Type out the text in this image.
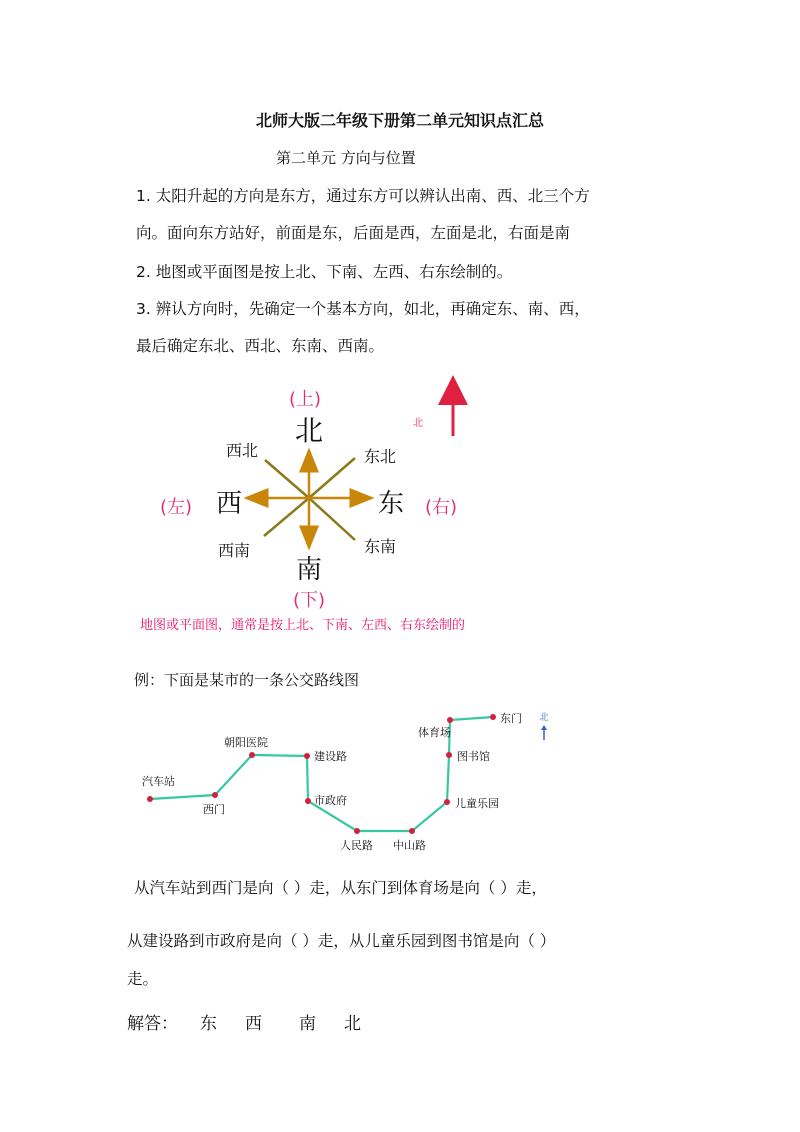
北师大版二年级下册第二单元知识点汇总
第二单元 方向与位置
1. 太阳升起的方向是东方，通过东方可以辨认出南、西、北三个方
向。面向东方站好，前面是东，后面是西，左面是北，右面是南
2. 地图或平面图是按上北、下南、左西、右东绘制的。
3. 辨认方向时，先确定一个基本方向，如北，再确定东、南、西，
最后确定东北、西北、东南、西南。
(上)
北
西北	东北
(左) 西	东 (右)
西南	东南
南
(下)
北
地图或平面图，通常是按上北、下南、左西、右东绘制的
例：下面是某市的一条公交路线图
汽车站
西门
朝阳医院
建设路
市政府
人民路 中山路
儿童乐园
图书馆
体育场
东门 北
从汽车站到西门是向（ ）走，从东门到体育场是向（ ）走，
从建设路到市政府是向（ ）走，从儿童乐园到图书馆是向（ ）
走。
解答： 东 西 南 北
